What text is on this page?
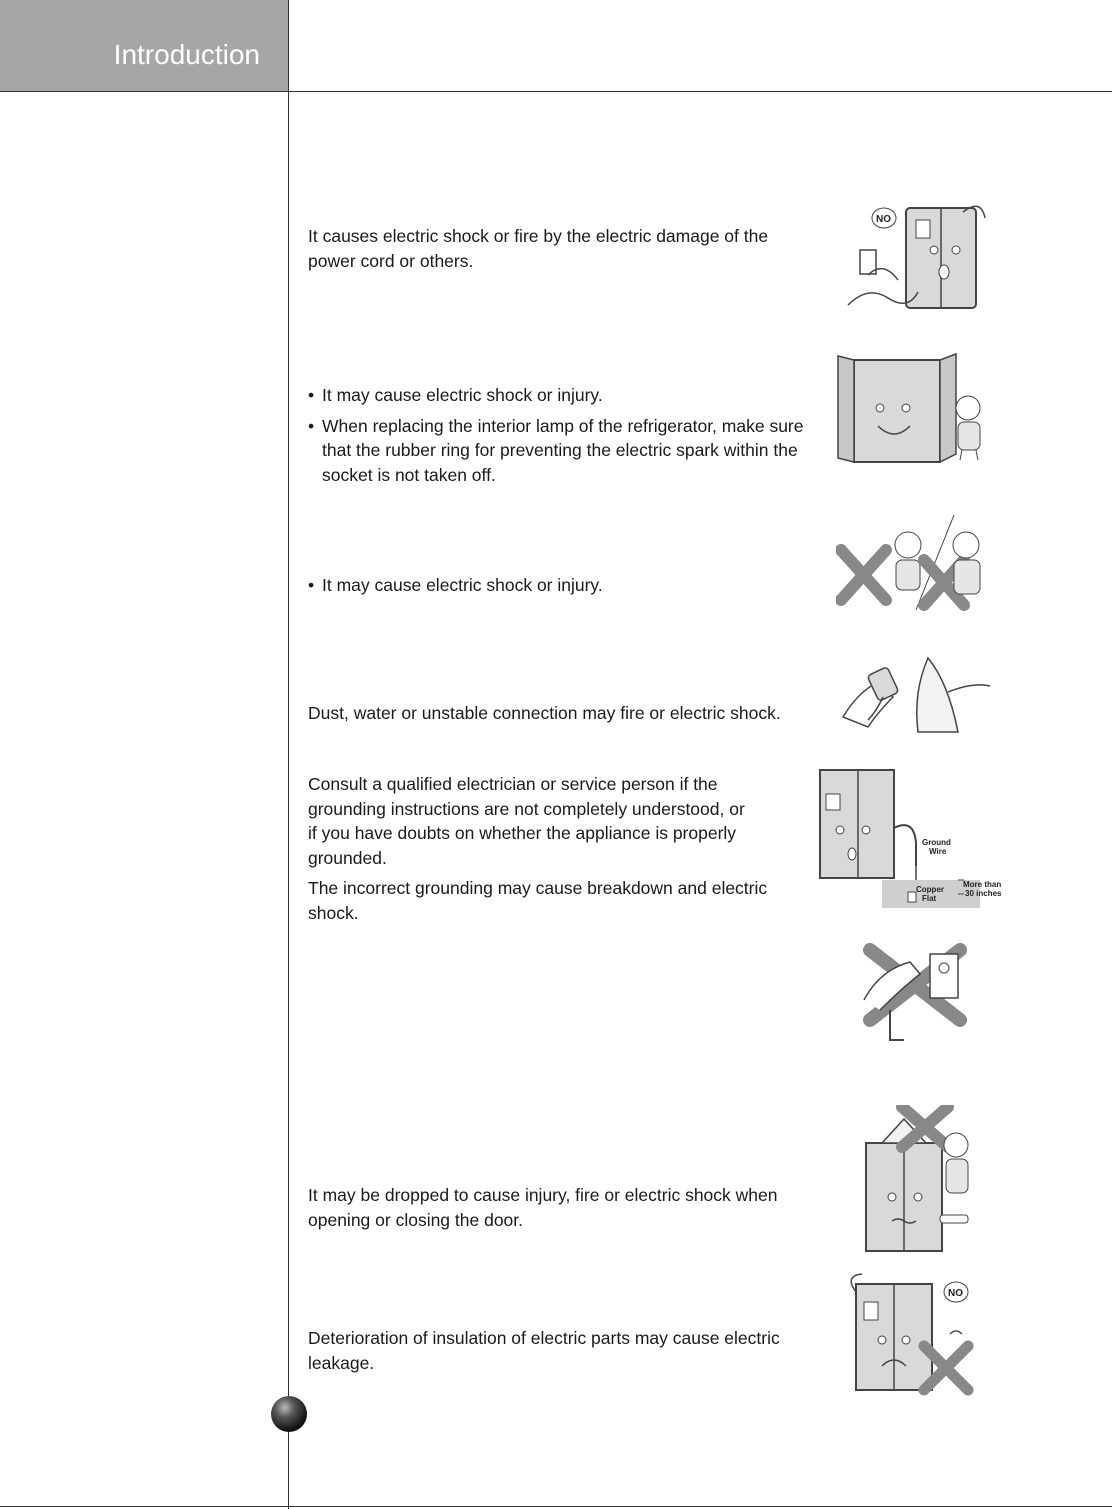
Introduction

It causes electric shock or fire by the electric damage of the power cord or others.

NO
• It may cause electric shock or injury.
• When replacing the interior lamp of the refrigerator, make sure that the rubber ring for preventing the electric spark within the socket is not taken off.
• It may cause electric shock or injury.

Dust, water or unstable connection may fire or electric shock.

Consult a qualified electrician or service person if the grounding instructions are not completely understood, or if you have doubts on whether the appliance is properly grounded.

The incorrect grounding may cause breakdown and electric shock.

Ground
Wire
Copper
Flat
More than
30 inches

It may be dropped to cause injury, fire or electric shock when opening or closing the door.

Deterioration of insulation of electric parts may cause electric leakage.

NO
